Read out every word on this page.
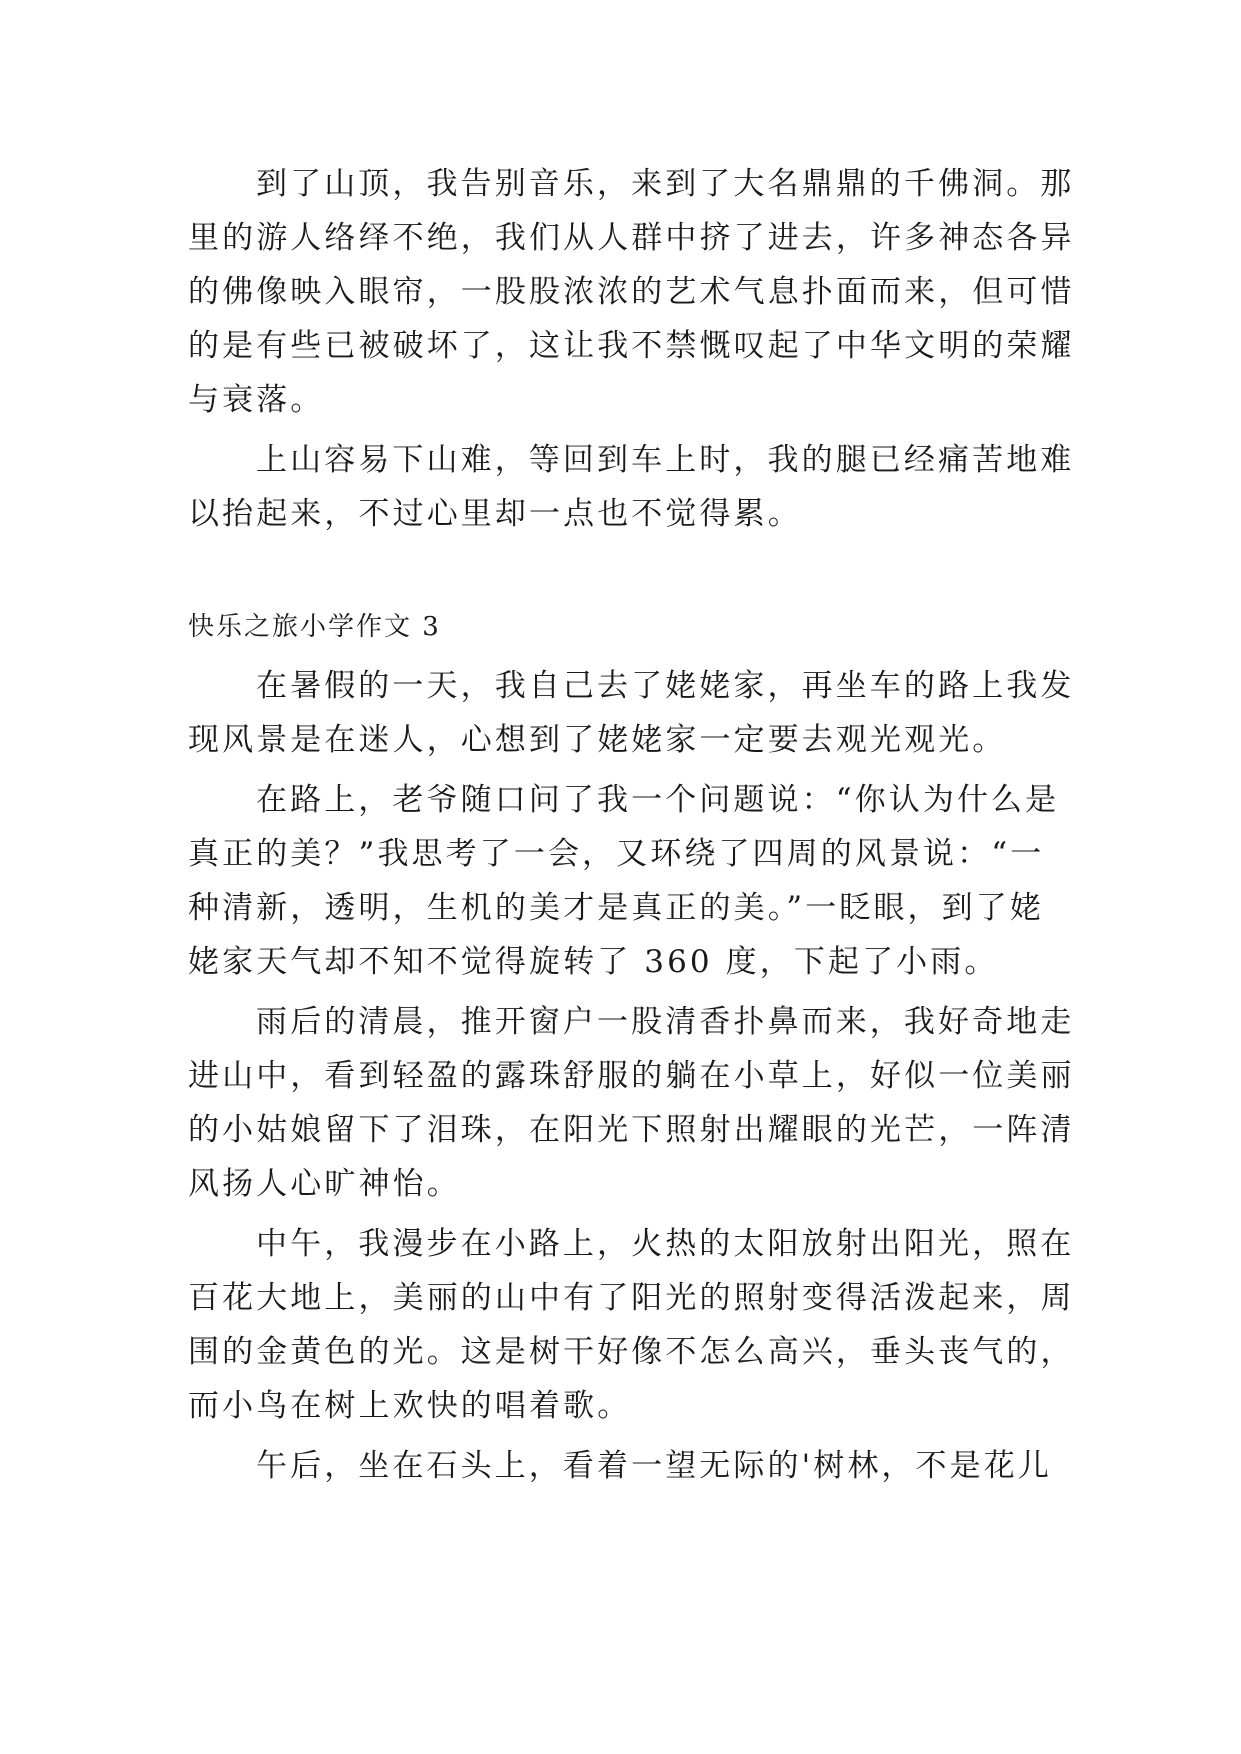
到了山顶，我告别音乐，来到了大名鼎鼎的千佛洞。那
里的游人络绎不绝，我们从人群中挤了进去，许多神态各异
的佛像映入眼帘，一股股浓浓的艺术气息扑面而来，但可惜
的是有些已被破坏了，这让我不禁慨叹起了中华文明的荣耀
与衰落。
上山容易下山难，等回到车上时，我的腿已经痛苦地难
以抬起来，不过心里却一点也不觉得累。
快乐之旅小学作文 3
在暑假的一天，我自己去了姥姥家，再坐车的路上我发
现风景是在迷人，心想到了姥姥家一定要去观光观光。
在路上，老爷随口问了我一个问题说：“你认为什么是
真正的美？”我思考了一会，又环绕了四周的风景说：“一
种清新，透明，生机的美才是真正的美。”一眨眼，到了姥
姥家天气却不知不觉得旋转了 360 度，下起了小雨。
雨后的清晨，推开窗户一股清香扑鼻而来，我好奇地走
进山中，看到轻盈的露珠舒服的躺在小草上，好似一位美丽
的小姑娘留下了泪珠，在阳光下照射出耀眼的光芒，一阵清
风扬人心旷神怡。
中午，我漫步在小路上，火热的太阳放射出阳光，照在
百花大地上，美丽的山中有了阳光的照射变得活泼起来，周
围的金黄色的光。这是树干好像不怎么高兴，垂头丧气的，
而小鸟在树上欢快的唱着歌。
午后，坐在石头上，看着一望无际的'树林，不是花儿
